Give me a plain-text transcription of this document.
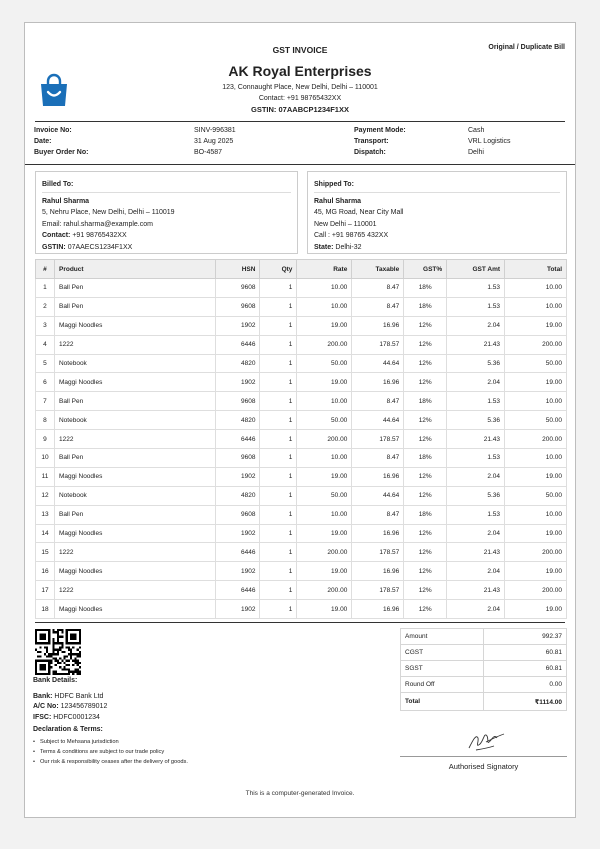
GST INVOICE	Original / Duplicate Bill
AK Royal Enterprises
123, Connaught Place, New Delhi, Delhi – 110001
Contact: +91 98765432XX
GSTIN: 07AABCP1234F1XX
Invoice No:	SINV-996381	Payment Mode:	Cash
Date:	31 Aug 2025	Transport:	VRL Logistics
Buyer Order No:	BO-4587	Dispatch:	Delhi
Billed To:
Rahul Sharma
5, Nehru Place, New Delhi, Delhi – 110019
Email: rahul.sharma@example.com
Contact: +91 98765432XX
GSTIN: 07AAECS1234F1XX
Shipped To:
Rahul Sharma
45, MG Road, Near City Mall
New Delhi – 110001
Call : +91 98765 432XX
State: Delhi-32
#	Product	HSN	Qty	Rate	Taxable	GST%	GST Amt	Total
1	Ball Pen	9608	1	10.00	8.47	18%	1.53	10.00
2	Ball Pen	9608	1	10.00	8.47	18%	1.53	10.00
3	Maggi Noodles	1902	1	19.00	16.96	12%	2.04	19.00
4	1222	6446	1	200.00	178.57	12%	21.43	200.00
5	Notebook	4820	1	50.00	44.64	12%	5.36	50.00
6	Maggi Noodles	1902	1	19.00	16.96	12%	2.04	19.00
7	Ball Pen	9608	1	10.00	8.47	18%	1.53	10.00
8	Notebook	4820	1	50.00	44.64	12%	5.36	50.00
9	1222	6446	1	200.00	178.57	12%	21.43	200.00
10	Ball Pen	9608	1	10.00	8.47	18%	1.53	10.00
11	Maggi Noodles	1902	1	19.00	16.96	12%	2.04	19.00
12	Notebook	4820	1	50.00	44.64	12%	5.36	50.00
13	Ball Pen	9608	1	10.00	8.47	18%	1.53	10.00
14	Maggi Noodles	1902	1	19.00	16.96	12%	2.04	19.00
15	1222	6446	1	200.00	178.57	12%	21.43	200.00
16	Maggi Noodles	1902	1	19.00	16.96	12%	2.04	19.00
17	1222	6446	1	200.00	178.57	12%	21.43	200.00
18	Maggi Noodles	1902	1	19.00	16.96	12%	2.04	19.00
Bank Details:
Bank: HDFC Bank Ltd
A/C No: 123456789012
IFSC: HDFC0001234
Declaration & Terms:
• Subject to Mehsana jurisdiction
• Terms & conditions are subject to our trade policy
• Our risk & responsibility ceases after the delivery of goods.
Amount	992.37
CGST	60.81
SGST	60.81
Round Off	0.00
Total	₹1114.00
Authorised Signatory
This is a computer-generated Invoice.
